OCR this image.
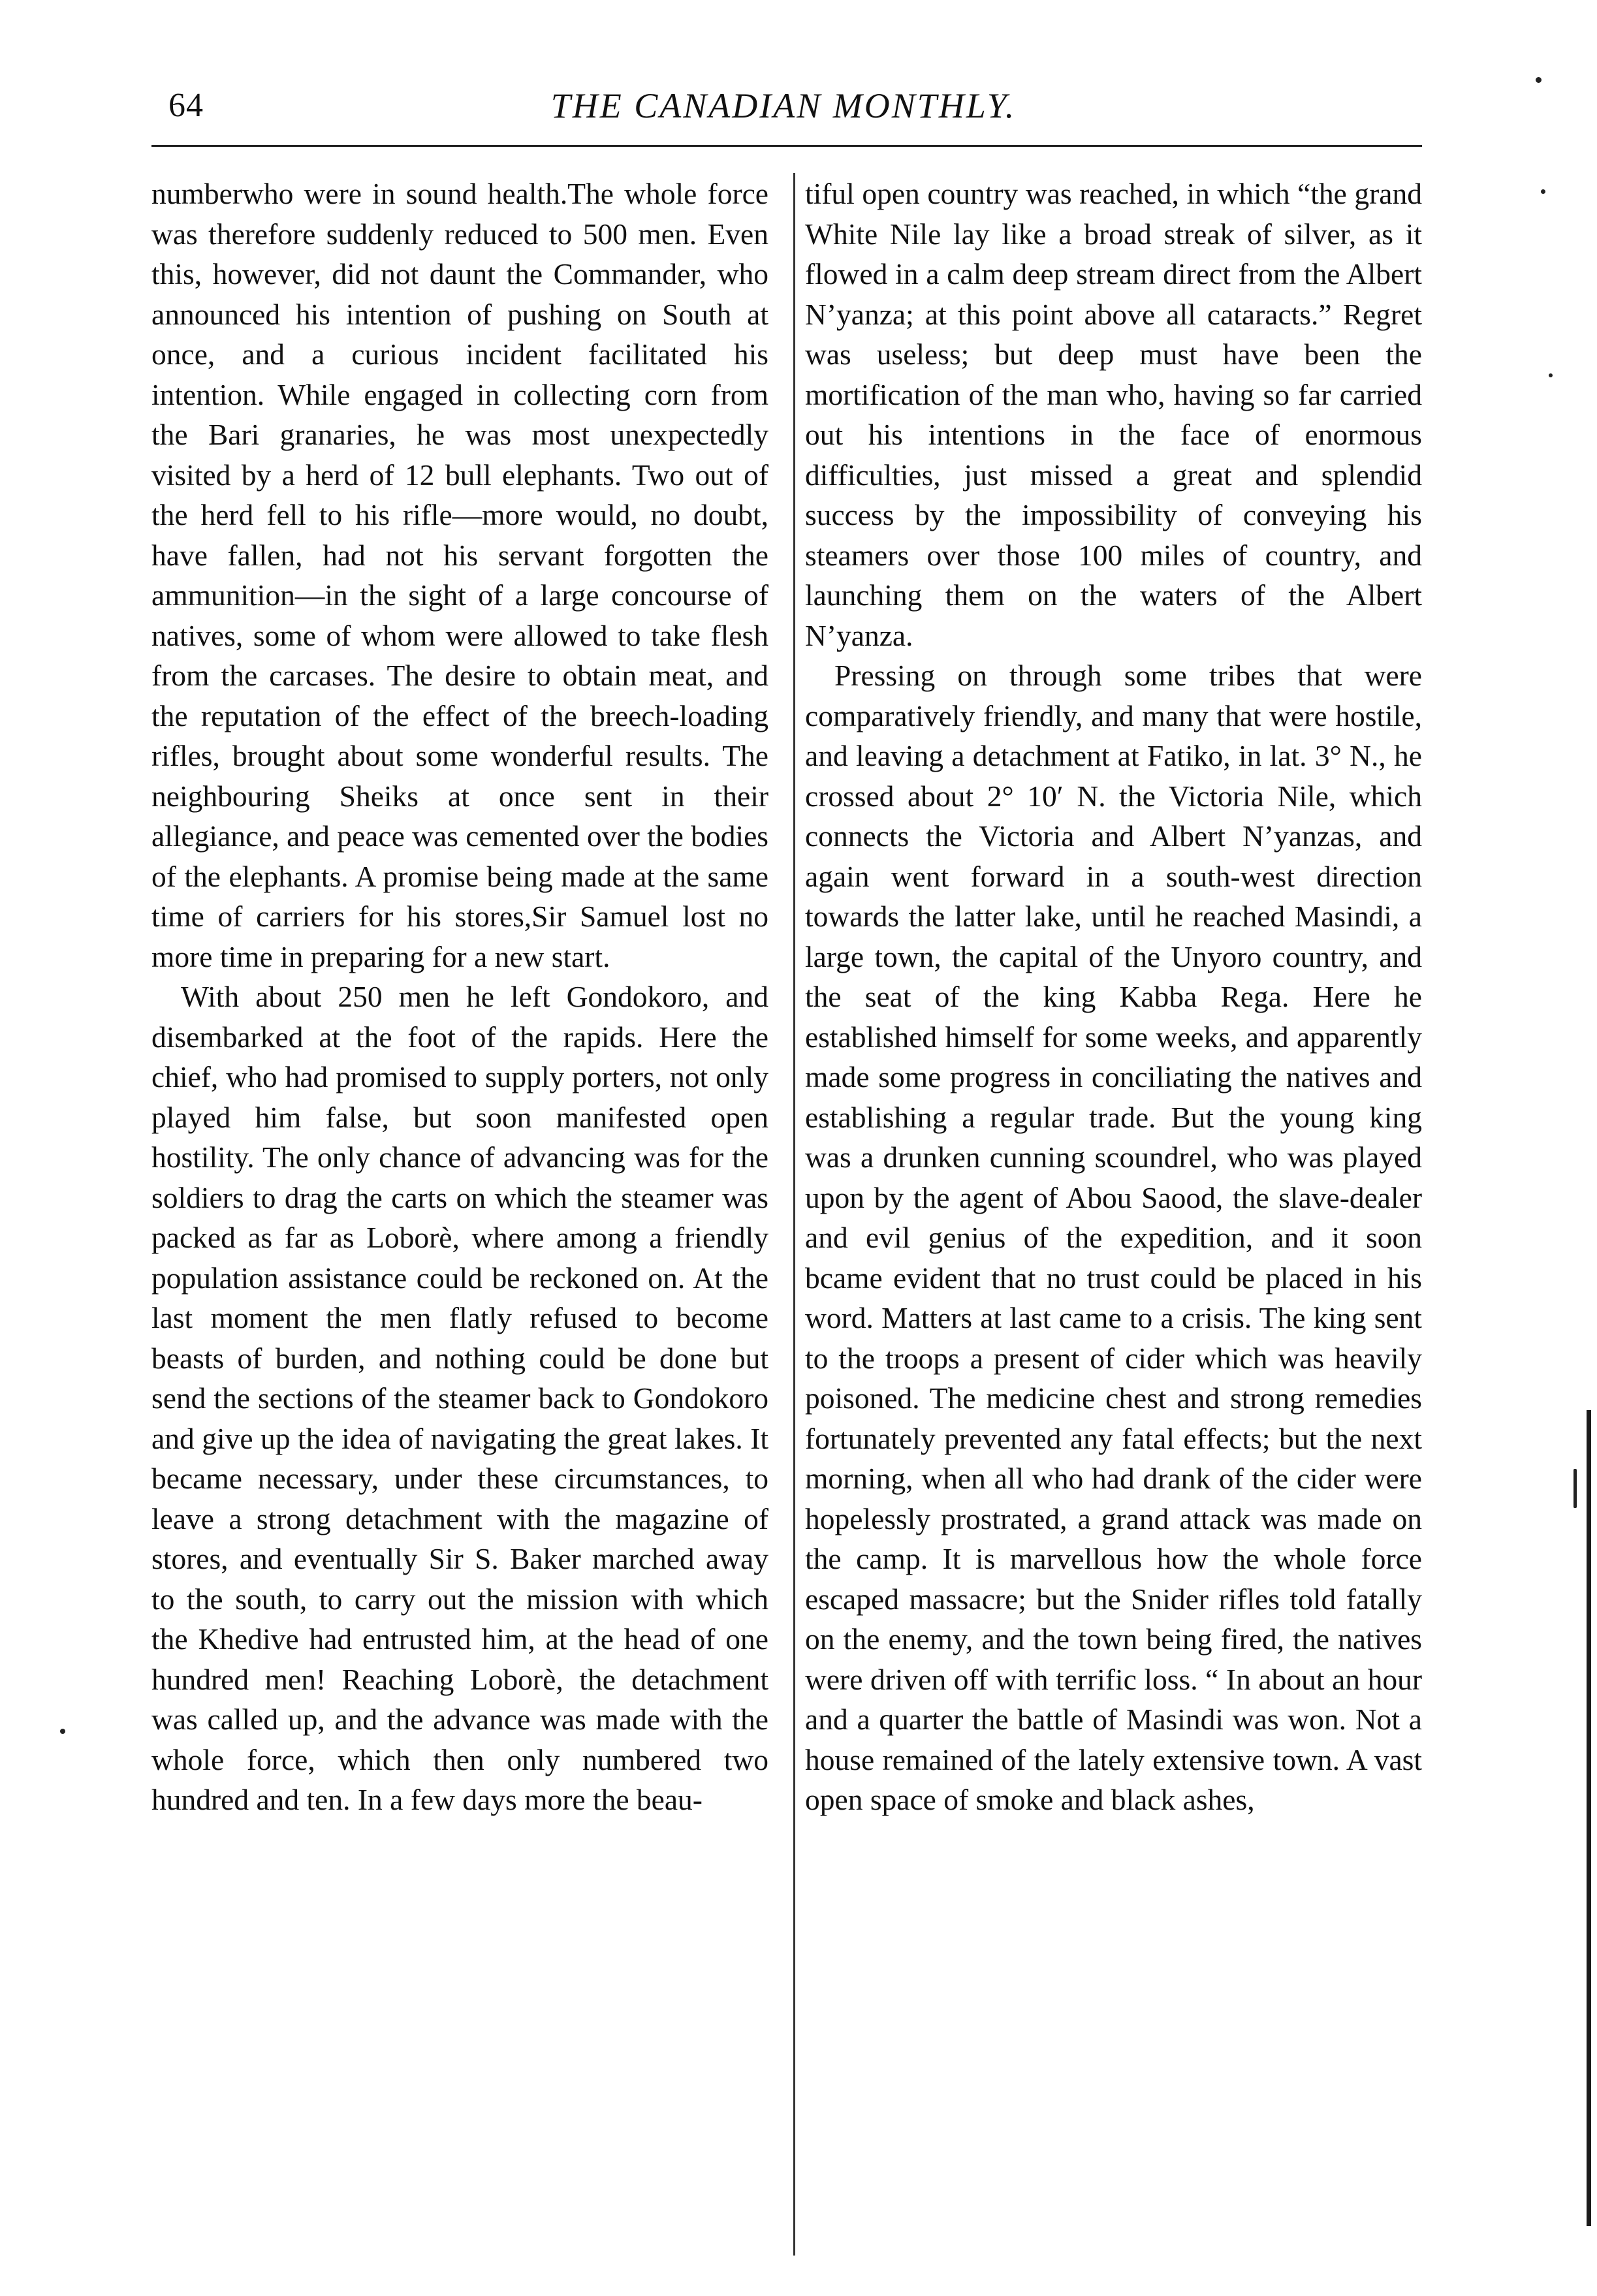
64	THE CANADIAN MONTHLY.

numberwho were in sound health.The whole force was therefore suddenly reduced to 500 men. Even this, however, did not daunt the Commander, who announced his intention of pushing on South at once, and a curious incident facilitated his intention. While engaged in collecting corn from the Bari granaries, he was most unexpectedly visited by a herd of 12 bull elephants. Two out of the herd fell to his rifle—more would, no doubt, have fallen, had not his servant forgotten the ammunition—in the sight of a large concourse of natives, some of whom were allowed to take flesh from the carcases. The desire to obtain meat, and the reputation of the effect of the breech-loading rifles, brought about some wonderful results. The neighbouring Sheiks at once sent in their allegiance, and peace was cemented over the bodies of the elephants. A promise being made at the same time of carriers for his stores,Sir Samuel lost no more time in preparing for a new start.

With about 250 men he left Gondokoro, and disembarked at the foot of the rapids. Here the chief, who had promised to supply porters, not only played him false, but soon manifested open hostility. The only chance of advancing was for the soldiers to drag the carts on which the steamer was packed as far as Loborè, where among a friendly population assistance could be reckoned on. At the last moment the men flatly refused to become beasts of burden, and nothing could be done but send the sections of the steamer back to Gondokoro and give up the idea of navigating the great lakes. It became necessary, under these circumstances, to leave a strong detachment with the magazine of stores, and eventually Sir S. Baker marched away to the south, to carry out the mission with which the Khedive had entrusted him, at the head of one hundred men! Reaching Loborè, the detachment was called up, and the advance was made with the whole force, which then only numbered two hundred and ten. In a few days more the beau-

tiful open country was reached, in which “the grand White Nile lay like a broad streak of silver, as it flowed in a calm deep stream direct from the Albert N’yanza; at this point above all cataracts.” Regret was useless; but deep must have been the mortification of the man who, having so far carried out his intentions in the face of enormous difficulties, just missed a great and splendid success by the impossibility of conveying his steamers over those 100 miles of country, and launching them on the waters of the Albert N’yanza.

Pressing on through some tribes that were comparatively friendly, and many that were hostile, and leaving a detachment at Fatiko, in lat. 3° N., he crossed about 2° 10′ N. the Victoria Nile, which connects the Victoria and Albert N’yanzas, and again went forward in a south-west direction towards the latter lake, until he reached Masindi, a large town, the capital of the Unyoro country, and the seat of the king Kabba Rega. Here he established himself for some weeks, and apparently made some progress in conciliating the natives and establishing a regular trade. But the young king was a drunken cunning scoundrel, who was played upon by the agent of Abou Saood, the slave-dealer and evil genius of the expedition, and it soon bcame evident that no trust could be placed in his word. Matters at last came to a crisis. The king sent to the troops a present of cider which was heavily poisoned. The medicine chest and strong remedies fortunately prevented any fatal effects; but the next morning, when all who had drank of the cider were hopelessly prostrated, a grand attack was made on the camp. It is marvellous how the whole force escaped massacre; but the Snider rifles told fatally on the enemy, and the town being fired, the natives were driven off with terrific loss. “ In about an hour and a quarter the battle of Masindi was won. Not a house remained of the lately extensive town. A vast open space of smoke and black ashes,
